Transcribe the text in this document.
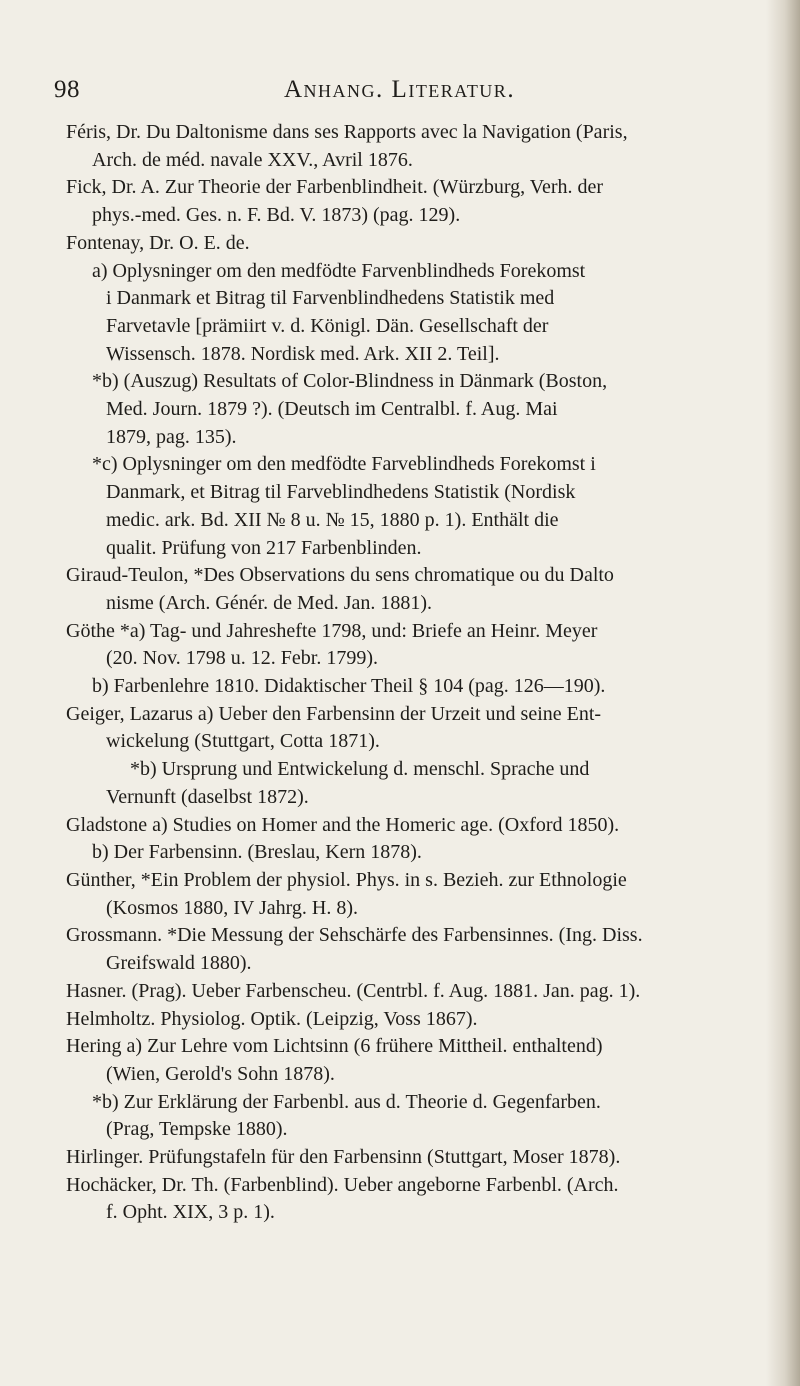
98	Anhang. Literatur.
Féris, Dr. Du Daltonisme dans ses Rapports avec la Navigation (Paris,
Arch. de méd. navale XXV., Avril 1876.
Fick, Dr. A. Zur Theorie der Farbenblindheit. (Würzburg, Verh. der
phys.-med. Ges. n. F. Bd. V. 1873) (pag. 129).
Fontenay, Dr. O. E. de.
a) Oplysninger om den medfödte Farvenblindheds Forekomst
i Danmark et Bitrag til Farvenblindhedens Statistik med
Farvetavle [prämiirt v. d. Königl. Dän. Gesellschaft der
Wissensch. 1878. Nordisk med. Ark. XII 2. Teil].
*b) (Auszug) Resultats of Color-Blindness in Dänmark (Boston,
Med. Journ. 1879 ?). (Deutsch im Centralbl. f. Aug. Mai
1879, pag. 135).
*c) Oplysninger om den medfödte Farveblindheds Forekomst i
Danmark, et Bitrag til Farveblindhedens Statistik (Nordisk
medic. ark. Bd. XII № 8 u. № 15, 1880 p. 1). Enthält die
qualit. Prüfung von 217 Farbenblinden.
Giraud-Teulon, *Des Observations du sens chromatique ou du Dalto
nisme (Arch. Génér. de Med. Jan. 1881).
Göthe *a) Tag- und Jahreshefte 1798, und: Briefe an Heinr. Meyer
(20. Nov. 1798 u. 12. Febr. 1799).
b) Farbenlehre 1810. Didaktischer Theil § 104 (pag. 126—190).
Geiger, Lazarus a) Ueber den Farbensinn der Urzeit und seine Ent-
wickelung (Stuttgart, Cotta 1871).
*b) Ursprung und Entwickelung d. menschl. Sprache und
Vernunft (daselbst 1872).
Gladstone a) Studies on Homer and the Homeric age. (Oxford 1850).
b) Der Farbensinn. (Breslau, Kern 1878).
Günther, *Ein Problem der physiol. Phys. in s. Bezieh. zur Ethnologie
(Kosmos 1880, IV Jahrg. H. 8).
Grossmann. *Die Messung der Sehschärfe des Farbensinnes. (Ing. Diss.
Greifswald 1880).
Hasner. (Prag). Ueber Farbenscheu. (Centrbl. f. Aug. 1881. Jan. pag. 1).
Helmholtz. Physiolog. Optik. (Leipzig, Voss 1867).
Hering a) Zur Lehre vom Lichtsinn (6 frühere Mittheil. enthaltend)
(Wien, Gerold's Sohn 1878).
*b) Zur Erklärung der Farbenbl. aus d. Theorie d. Gegenfarben.
(Prag, Tempske 1880).
Hirlinger. Prüfungstafeln für den Farbensinn (Stuttgart, Moser 1878).
Hochäcker, Dr. Th. (Farbenblind). Ueber angeborne Farbenbl. (Arch.
f. Opht. XIX, 3 p. 1).
